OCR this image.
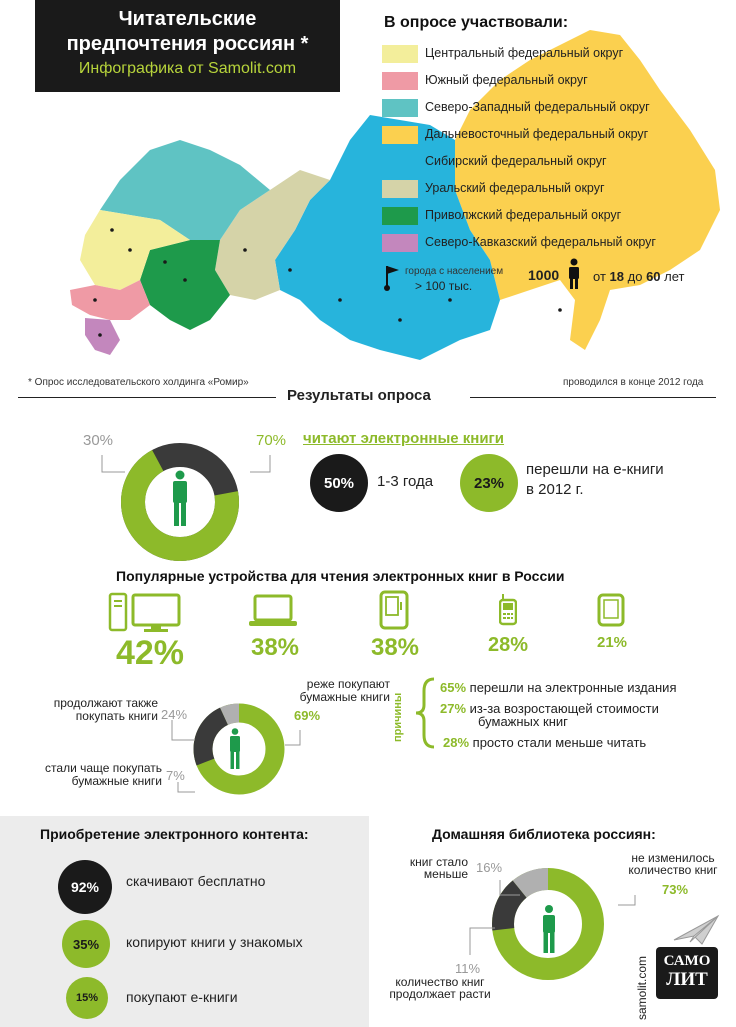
Читательские
предпочтения россиян *
Инфографика от Samolit.com
В опросе участвовали:
Центральный федеральный округ
Южный федеральный округ
Северо-Западный федеральный округ
Дальневосточный федеральный округ
Сибирский федеральный округ
Уральский федеральный округ
Приволжский федеральный округ
Северо-Кавказский федеральный округ
города с населением
> 100 тыс.
1000	от 18 до 60 лет
* Опрос исследовательского холдинга «Ромир»	проводился в конце 2012 года
Результаты опроса
30%	70% читают электронные книги
50%	1-3 года	23%
перешли на e-книги
в 2012 г.
Популярные устройства для чтения электронных книг в России
42%	38%	38%	28%	21%
продолжают также
покупать книги 24%
стали чаще покупать
бумажные книги 7%
реже покупают
бумажные книги
69%	причины
65% перешли на электронные издания
27% из-за возростающей стоимости
бумажных книг
28% просто стали меньше читать
Приобретение электронного контента:
92%	скачивают бесплатно
35%	копируют книги у знакомых
15%	покупают e-книги
Домашняя библиотека россиян:
книг стало
меньше 16%
не изменилось
количество книг
73%
11%
количество книг
продолжает расти	samolit.com САМО
ЛИТ
